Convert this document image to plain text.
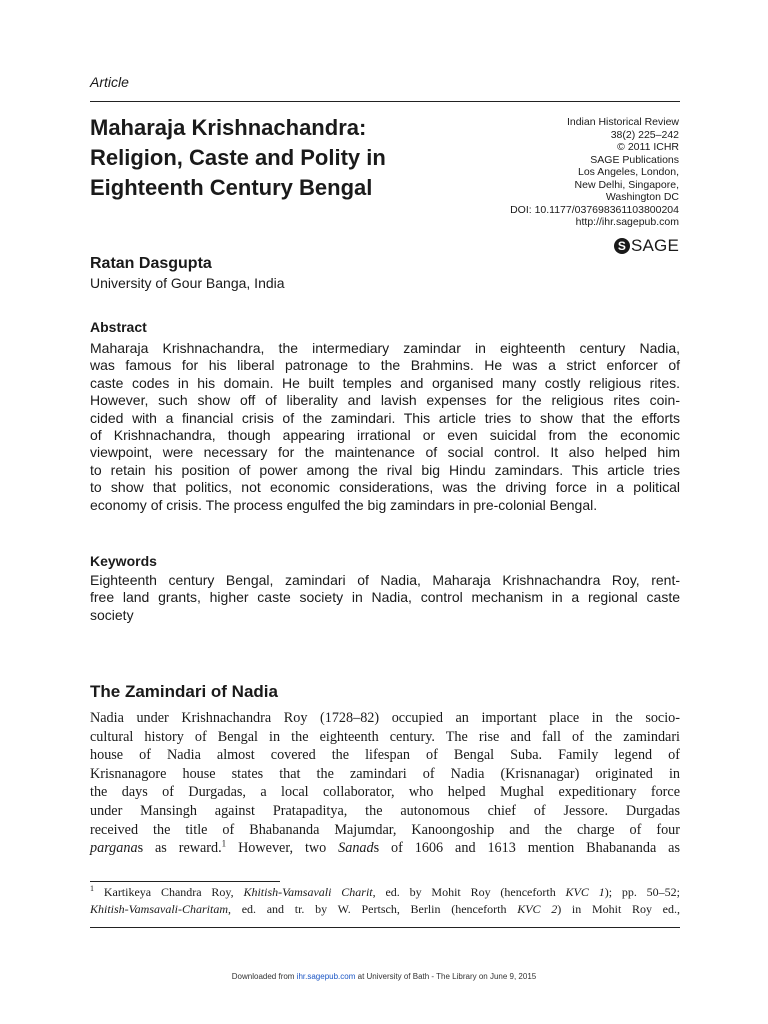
Article
Maharaja Krishnachandra:
Religion, Caste and Polity in
Eighteenth Century Bengal
Indian Historical Review
38(2) 225–242
© 2011 ICHR
SAGE Publications
Los Angeles, London,
New Delhi, Singapore,
Washington DC
DOI: 10.1177/037698361103800204
http://ihr.sagepub.com
S SAGE
Ratan Dasgupta
University of Gour Banga, India
Abstract
Maharaja Krishnachandra, the intermediary zamindar in eighteenth century Nadia,
was famous for his liberal patronage to the Brahmins. He was a strict enforcer of
caste codes in his domain. He built temples and organised many costly religious rites.
However, such show off of liberality and lavish expenses for the religious rites coin-
cided with a financial crisis of the zamindari. This article tries to show that the efforts
of Krishnachandra, though appearing irrational or even suicidal from the economic
viewpoint, were necessary for the maintenance of social control. It also helped him
to retain his position of power among the rival big Hindu zamindars. This article tries
to show that politics, not economic considerations, was the driving force in a political
economy of crisis. The process engulfed the big zamindars in pre-colonial Bengal.
Keywords
Eighteenth century Bengal, zamindari of Nadia, Maharaja Krishnachandra Roy, rent-
free land grants, higher caste society in Nadia, control mechanism in a regional caste
society
The Zamindari of Nadia
Nadia under Krishnachandra Roy (1728–82) occupied an important place in the socio-
cultural history of Bengal in the eighteenth century. The rise and fall of the zamindari
house of Nadia almost covered the lifespan of Bengal Suba. Family legend of
Krisnanagore house states that the zamindari of Nadia (Krisnanagar) originated in
the days of Durgadas, a local collaborator, who helped Mughal expeditionary force
under Mansingh against Pratapaditya, the autonomous chief of Jessore. Durgadas
received the title of Bhabananda Majumdar, Kanoongoship and the charge of four
parganas as reward.$^1$ However, two Sanads of 1606 and 1613 mention Bhabananda as
$^1$ Kartikeya Chandra Roy, Khitish-Vamsavali Charit, ed. by Mohit Roy (henceforth KVC 1); pp. 50–52;
Khitish-Vamsavali-Charitam, ed. and tr. by W. Pertsch, Berlin (henceforth KVC 2) in Mohit Roy ed.,
Downloaded from ihr.sagepub.com at University of Bath - The Library on June 9, 2015
